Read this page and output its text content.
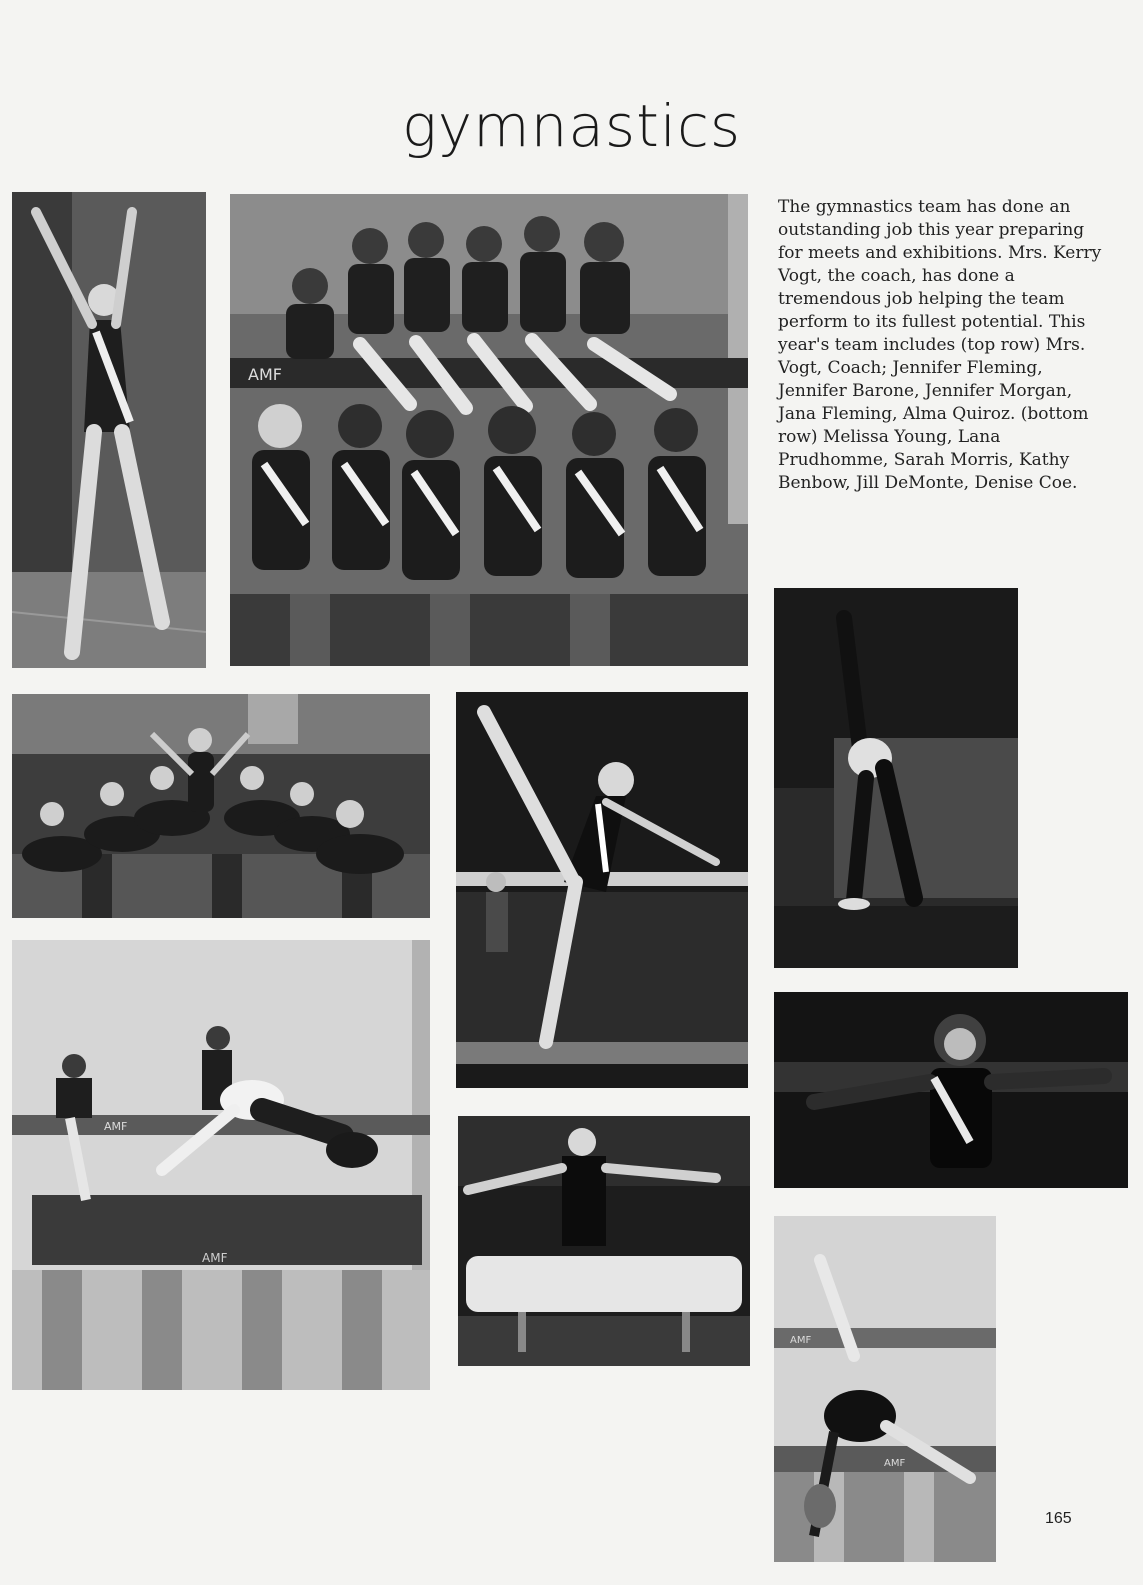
gymnastics
The gymnastics team has done an outstanding job this year preparing for meets and exhibitions. Mrs. Kerry Vogt, the coach, has done a tremendous job helping the team perform to its fullest potential. This year's team includes (top row) Mrs. Vogt, Coach; Jennifer Fleming, Jennifer Barone, Jennifer Morgan, Jana Fleming, Alma Quiroz. (bottom row) Melissa Young, Lana Prudhomme, Sarah Morris, Kathy Benbow, Jill DeMonte, Denise Coe.
165
AMF
AMF
AMF
AMF
AMF
